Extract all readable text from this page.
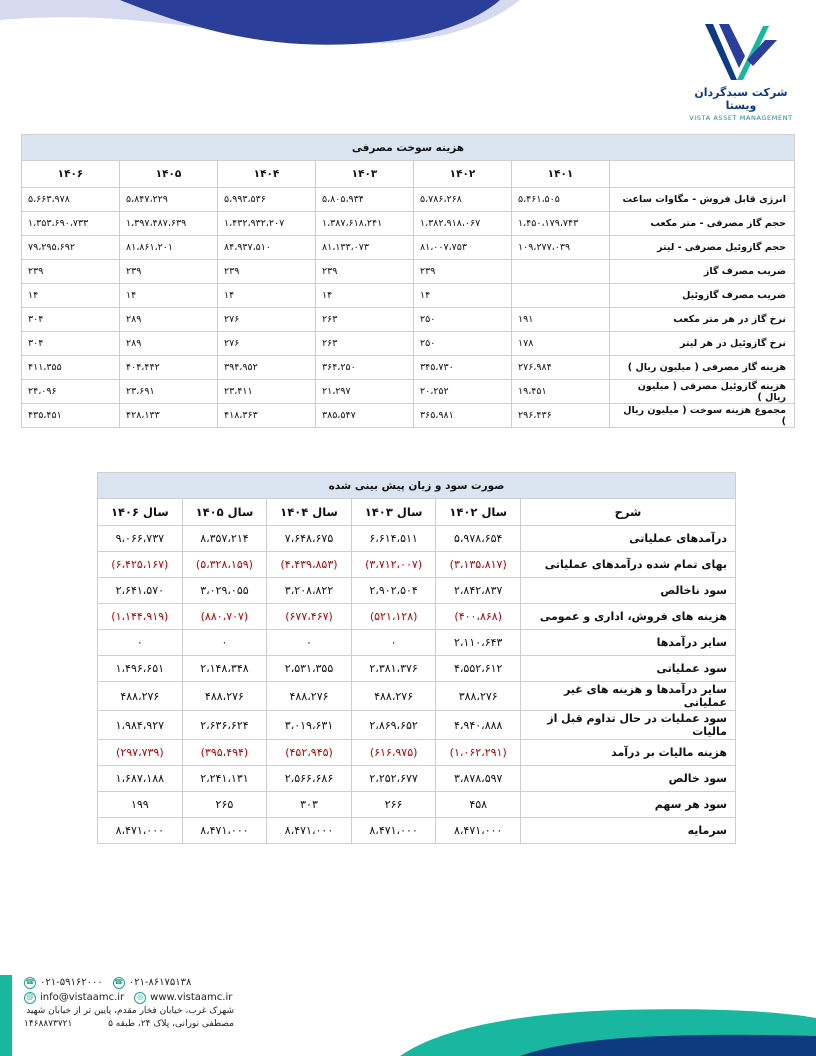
شرکت سبدگردان ویستا
VISTA ASSET MANAGEMENT
هزینه سوخت مصرفی						
	۱۴۰۱	۱۴۰۲	۱۴۰۳	۱۴۰۴	۱۴۰۵	۱۴۰۶
انرژی قابل فروش - مگاوات ساعت	۵،۴۶۱،۵۰۵	۵،۷۸۶،۲۶۸	۵،۸۰۵،۹۳۴	۵،۹۹۳،۵۳۶	۵،۸۴۷،۲۲۹	۵،۶۶۳،۹۷۸
حجم گاز مصرفی - متر مکعب	۱،۴۵۰،۱۷۹،۷۴۳	۱،۳۸۲،۹۱۸،۰۶۷	۱،۳۸۷،۶۱۸،۲۴۱	۱،۴۳۲،۹۳۲،۲۰۷	۱،۳۹۷،۴۸۷،۶۳۹	۱،۳۵۳،۶۹۰،۷۳۳
حجم گازوئیل مصرفی - لیتر	۱۰۹،۲۷۷،۰۳۹	۸۱،۰۰۷،۷۵۳	۸۱،۱۳۳،۰۷۳	۸۴،۹۳۷،۵۱۰	۸۱،۸۶۱،۲۰۱	۷۹،۲۹۵،۶۹۲
ضریب مصرف گاز		۲۳۹	۲۳۹	۲۳۹	۲۳۹	۲۳۹
ضریب مصرف گازوئیل		۱۴	۱۴	۱۴	۱۴	۱۴
نرخ گاز در هر متر مکعب	۱۹۱	۲۵۰	۲۶۳	۲۷۶	۲۸۹	۳۰۴
نرخ گازوئیل در هر لیتر	۱۷۸	۲۵۰	۲۶۳	۲۷۶	۲۸۹	۳۰۴
هزینه گاز مصرفی ( میلیون ریال )	۲۷۶،۹۸۴	۳۴۵،۷۳۰	۳۶۴،۲۵۰	۳۹۴،۹۵۲	۴۰۴،۴۴۲	۴۱۱،۳۵۵
هزینه گازوئیل مصرفی ( میلیون ریال )	۱۹،۴۵۱	۲۰،۲۵۲	۲۱،۲۹۷	۲۳،۴۱۱	۲۳،۶۹۱	۲۴،۰۹۶
مجموع هزینه سوخت ( میلیون ریال )	۲۹۶،۴۳۶	۳۶۵،۹۸۱	۳۸۵،۵۴۷	۴۱۸،۳۶۳	۴۲۸،۱۳۳	۴۳۵،۴۵۱
صورت سود و زیان پیش بینی شده					
شرح	سال ۱۴۰۲	سال ۱۴۰۳	سال ۱۴۰۴	سال ۱۴۰۵	سال ۱۴۰۶
درآمدهای عملیاتی	۵،۹۷۸،۶۵۴	۶،۶۱۴،۵۱۱	۷،۶۴۸،۶۷۵	۸،۳۵۷،۲۱۴	۹،۰۶۶،۷۳۷
بهای تمام شده درآمدهای عملیاتی	(۳،۱۳۵،۸۱۷)	(۳،۷۱۲،۰۰۷)	(۴،۴۳۹،۸۵۳)	(۵،۳۲۸،۱۵۹)	(۶،۴۲۵،۱۶۷)
سود ناخالص	۲،۸۴۲،۸۳۷	۲،۹۰۲،۵۰۴	۳،۲۰۸،۸۲۲	۳،۰۲۹،۰۵۵	۲،۶۴۱،۵۷۰
هزینه های فروش، اداری و عمومی	(۴۰۰،۸۶۸)	(۵۲۱،۱۲۸)	(۶۷۷،۴۶۷)	(۸۸۰،۷۰۷)	(۱،۱۴۴،۹۱۹)
سایر درآمدها	۲،۱۱۰،۶۴۳	۰	۰	۰	۰
سود عملیاتی	۴،۵۵۲،۶۱۲	۲،۳۸۱،۳۷۶	۲،۵۳۱،۳۵۵	۲،۱۴۸،۳۴۸	۱،۴۹۶،۶۵۱
سایر درآمدها و هزینه های غیر عملیاتی	۳۸۸،۲۷۶	۴۸۸،۲۷۶	۴۸۸،۲۷۶	۴۸۸،۲۷۶	۴۸۸،۲۷۶
سود عملیات در حال تداوم قبل از مالیات	۴،۹۴۰،۸۸۸	۲،۸۶۹،۶۵۲	۳،۰۱۹،۶۳۱	۲،۶۳۶،۶۲۴	۱،۹۸۴،۹۲۷
هزینه مالیات بر درآمد	(۱،۰۶۲،۲۹۱)	(۶۱۶،۹۷۵)	(۴۵۲،۹۴۵)	(۳۹۵،۴۹۴)	(۲۹۷،۷۳۹)
سود خالص	۳،۸۷۸،۵۹۷	۲،۲۵۲،۶۷۷	۲،۵۶۶،۶۸۶	۲،۲۴۱،۱۳۱	۱،۶۸۷،۱۸۸
سود هر سهم	۴۵۸	۲۶۶	۳۰۳	۲۶۵	۱۹۹
سرمایه	۸،۴۷۱،۰۰۰	۸،۴۷۱،۰۰۰	۸،۴۷۱،۰۰۰	۸،۴۷۱،۰۰۰	۸،۴۷۱،۰۰۰
☎ ۰۲۱-۵۹۱۶۲۰۰۰ ☎ ۰۲۱-۸۶۱۷۵۱۳۸
@ info@vistaamc.ir	◎ www.vistaamc.ir
شهرک غرب، خیابان فخار مقدم، پایین تر از خیابان شهید
مصطفی نورانی، پلاک ۲۴، طبقه ۵
۱۴۶۸۸۷۳۷۲۱
